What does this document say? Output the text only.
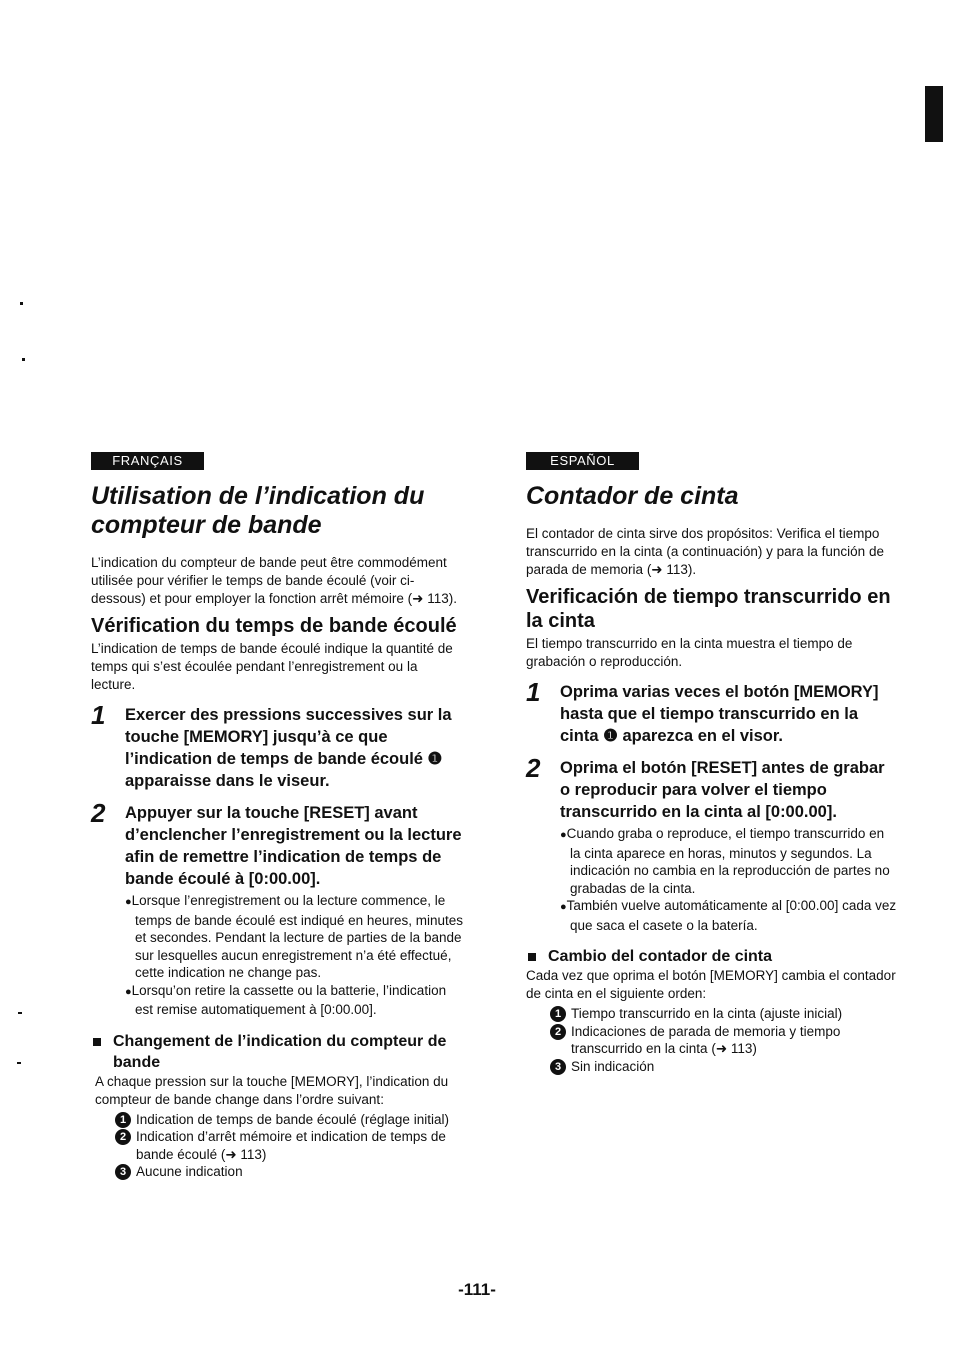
FRANÇAIS
Utilisation de l’indication du compteur de bande

L’indication du compteur de bande peut être commodément utilisée pour vérifier le temps de bande écoulé (voir ci-dessous) et pour employer la fonction arrêt mémoire (➜ 113).

Vérification du temps de bande écoulé

L’indication de temps de bande écoulé indique la quantité de temps qui s’est écoulée pendant l’enregistrement ou la lecture.

1	Exercer des pressions successives sur la touche [MEMORY] jusqu’à ce que l’indication de temps de bande écoulé ❶ apparaisse dans le viseur.
2	Appuyer sur la touche [RESET] avant d’enclencher l’enregistrement ou la lecture afin de remettre l’indication de temps de bande écoulé à [0:00.00].
●Lorsque l’enregistrement ou la lecture commence, le temps de bande écoulé est indiqué en heures, minutes et secondes. Pendant la lecture de parties de la bande sur lesquelles aucun enregistrement n’a été effectué, cette indication ne change pas.
●Lorsqu’on retire la cassette ou la batterie, l’indication est remise automatiquement à [0:00.00].
Changement de l’indication du compteur de bande

A chaque pression sur la touche [MEMORY], l’indication du compteur de bande change dans l’ordre suivant:

1 Indication de temps de bande écoulé (réglage initial)
2 Indication d’arrêt mémoire et indication de temps de bande écoulé (➜ 113)
3 Aucune indication
ESPAÑOL
Contador de cinta

El contador de cinta sirve dos propósitos: Verifica el tiempo transcurrido en la cinta (a continuación) y para la función de parada de memoria (➜ 113).

Verificación de tiempo transcurrido en la cinta

El tiempo transcurrido en la cinta muestra el tiempo de grabación o reproducción.

1	Oprima varias veces el botón [MEMORY] hasta que el tiempo transcurrido en la cinta ❶ aparezca en el visor.
2	Oprima el botón [RESET] antes de grabar o reproducir para volver el tiempo transcurrido en la cinta al [0:00.00].
●Cuando graba o reproduce, el tiempo transcurrido en la cinta aparece en horas, minutos y segundos. La indicación no cambia en la reproducción de partes no grabadas de la cinta.
●También vuelve automáticamente al [0:00.00] cada vez que saca el casete o la batería.
Cambio del contador de cinta

Cada vez que oprima el botón [MEMORY] cambia el contador de cinta en el siguiente orden:

1 Tiempo transcurrido en la cinta (ajuste inicial)
2 Indicaciones de parada de memoria y tiempo transcurrido en la cinta (➜ 113)
3 Sin indicación
-111-
